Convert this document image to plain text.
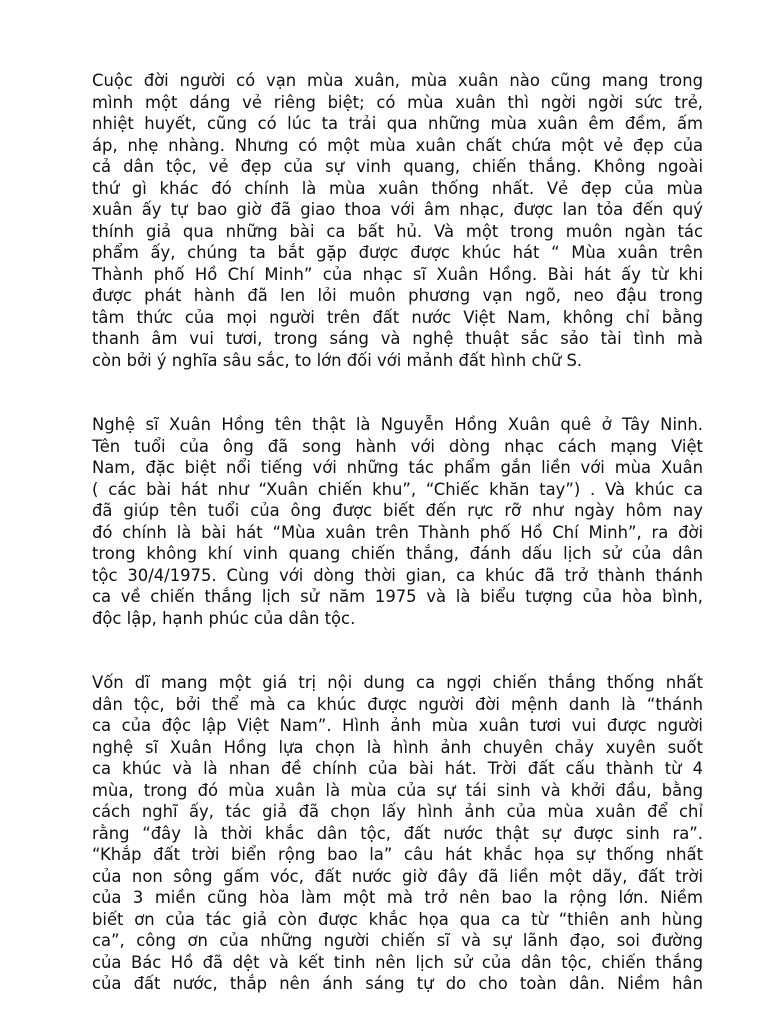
Cuộc đời người có vạn mùa xuân, mùa xuân nào cũng mang trong
mình một dáng vẻ riêng biệt; có mùa xuân thì ngời ngời sức trẻ,
nhiệt huyết, cũng có lúc ta trải qua những mùa xuân êm đềm, ấm
áp, nhẹ nhàng. Nhưng có một mùa xuân chất chứa một vẻ đẹp của
cả dân tộc, vẻ đẹp của sự vinh quang, chiến thắng. Không ngoài
thứ gì khác đó chính là mùa xuân thống nhất. Vẻ đẹp của mùa
xuân ấy tự bao giờ đã giao thoa với âm nhạc, được lan tỏa đến quý
thính giả qua những bài ca bất hủ. Và một trong muôn ngàn tác
phẩm ấy, chúng ta bắt gặp được được khúc hát “ Mùa xuân trên
Thành phố Hồ Chí Minh” của nhạc sĩ Xuân Hồng. Bài hát ấy từ khi
được phát hành đã len lỏi muôn phương vạn ngõ, neo đậu trong
tâm thức của mọi người trên đất nước Việt Nam, không chỉ bằng
thanh âm vui tươi, trong sáng và nghệ thuật sắc sảo tài tình mà
còn bởi ý nghĩa sâu sắc, to lớn đối với mảnh đất hình chữ S.
Nghệ sĩ Xuân Hồng tên thật là Nguyễn Hồng Xuân quê ở Tây Ninh.
Tên tuổi của ông đã song hành với dòng nhạc cách mạng Việt
Nam, đặc biệt nổi tiếng với những tác phẩm gắn liền với mùa Xuân
( các bài hát như “Xuân chiến khu”, “Chiếc khăn tay”) . Và khúc ca
đã giúp tên tuổi của ông được biết đến rực rỡ như ngày hôm nay
đó chính là bài hát “Mùa xuân trên Thành phố Hồ Chí Minh”, ra đời
trong không khí vinh quang chiến thắng, đánh dấu lịch sử của dân
tộc 30/4/1975. Cùng với dòng thời gian, ca khúc đã trở thành thánh
ca về chiến thắng lịch sử năm 1975 và là biểu tượng của hòa bình,
độc lập, hạnh phúc của dân tộc.
Vốn dĩ mang một giá trị nội dung ca ngợi chiến thắng thống nhất
dân tộc, bởi thể mà ca khúc được người đời mệnh danh là “thánh
ca của độc lập Việt Nam”. Hình ảnh mùa xuân tươi vui được người
nghệ sĩ Xuân Hồng lựa chọn là hình ảnh chuyên chảy xuyên suốt
ca khúc và là nhan đề chính của bài hát. Trời đất cấu thành từ 4
mùa, trong đó mùa xuân là mùa của sự tái sinh và khởi đầu, bằng
cách nghĩ ấy, tác giả đã chọn lấy hình ảnh của mùa xuân để chỉ
rằng “đây là thời khắc dân tộc, đất nước thật sự được sinh ra”.
“Khắp đất trời biển rộng bao la” câu hát khắc họa sự thống nhất
của non sông gấm vóc, đất nước giờ đây đã liền một dãy, đất trời
của 3 miền cũng hòa làm một mà trở nên bao la rộng lớn. Niềm
biết ơn của tác giả còn được khắc họa qua ca từ “thiên anh hùng
ca”, công ơn của những người chiến sĩ và sự lãnh đạo, soi đường
của Bác Hồ đã dệt và kết tinh nên lịch sử của dân tộc, chiến thắng
của đất nước, thắp nên ánh sáng tự do cho toàn dân. Niềm hân
